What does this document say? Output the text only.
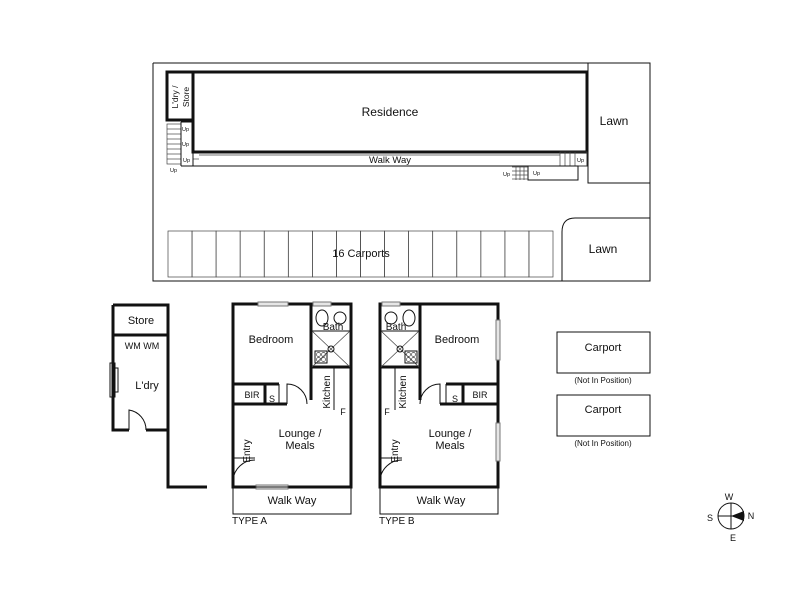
Residence
L'dry / Store
Up
Up
Up
Up
Walk Way	Up
Up	Up
Lawn
Lawn
16 Carports
Store
WM WM
L'dry
Bedroom
Bath
BIR S	Kitchen
F
Lounge /
Meals
Entry
Walk Way
TYPE A
Bedroom
Bath
BIR
S
Kitchen
F
Lounge /
Meals
Entry
Walk Way
TYPE B
Carport
(Not In Position)
Carport
(Not In Position)
W
N
S
E
